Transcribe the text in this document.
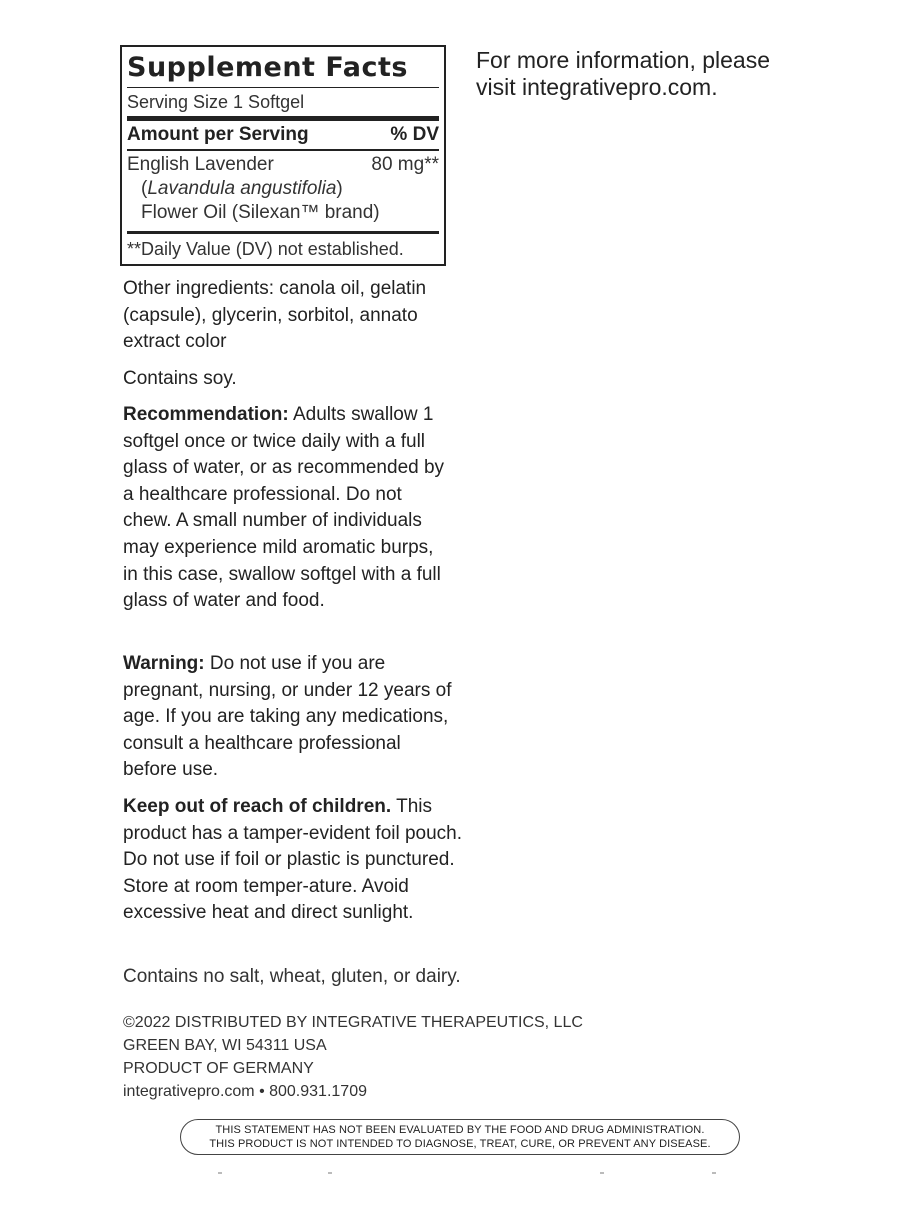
Supplement Facts
Serving Size 1 Softgel
Amount per Serving	% DV
English Lavender	80 mg**
(Lavandula angustifolia)
Flower Oil (Silexan™ brand)
**Daily Value (DV) not established.
For more information, please
visit integrativepro.com.
Other ingredients: canola oil, gelatin (capsule), glycerin, sorbitol, annato extract color
Contains soy.
Recommendation: Adults swallow 1 softgel once or twice daily with a full glass of water, or as recommended by a healthcare professional. Do not chew. A small number of individuals may experience mild aromatic burps, in this case, swallow softgel with a full glass of water and food.
Warning: Do not use if you are pregnant, nursing, or under 12 years of age. If you are taking any medications, consult a healthcare professional before use.
Keep out of reach of children. This product has a tamper-evident foil pouch. Do not use if foil or plastic is punctured. Store at room temper-ature. Avoid excessive heat and direct sunlight.
Contains no salt, wheat, gluten, or dairy.
©2022 DISTRIBUTED BY INTEGRATIVE THERAPEUTICS, LLC
GREEN BAY, WI 54311 USA
PRODUCT OF GERMANY
integrativepro.com • 800.931.1709
THIS STATEMENT HAS NOT BEEN EVALUATED BY THE FOOD AND DRUG ADMINISTRATION.
THIS PRODUCT IS NOT INTENDED TO DIAGNOSE, TREAT, CURE, OR PREVENT ANY DISEASE.
